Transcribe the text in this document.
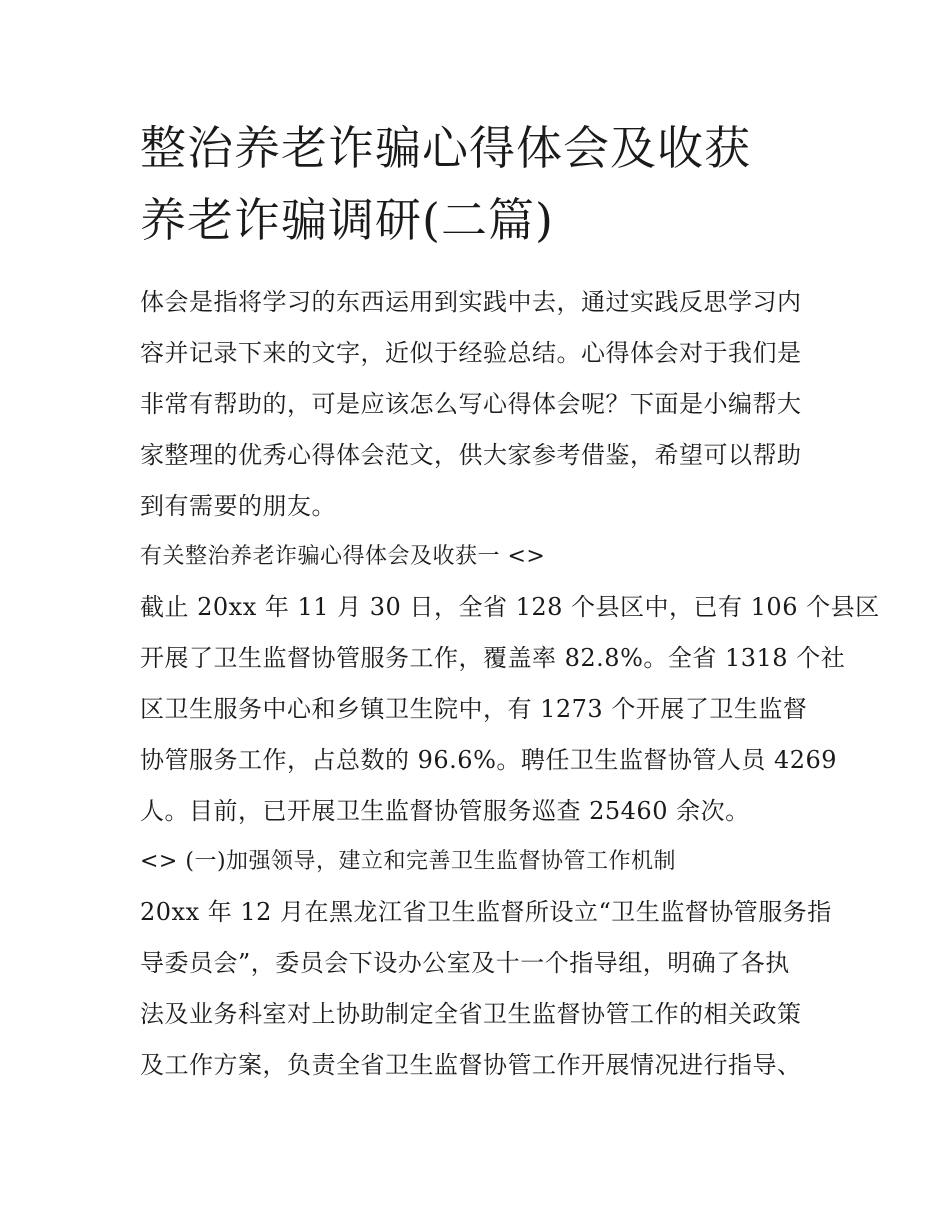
整治养老诈骗心得体会及收获
养老诈骗调研(二篇)
体会是指将学习的东西运用到实践中去，通过实践反思学习内
容并记录下来的文字，近似于经验总结。心得体会对于我们是
非常有帮助的，可是应该怎么写心得体会呢？下面是小编帮大
家整理的优秀心得体会范文，供大家参考借鉴，希望可以帮助
到有需要的朋友。
有关整治养老诈骗心得体会及收获一 <>
截止 20xx 年 11 月 30 日，全省 128 个县区中，已有 106 个县区
开展了卫生监督协管服务工作，覆盖率 82.8%。全省 1318 个社
区卫生服务中心和乡镇卫生院中，有 1273 个开展了卫生监督
协管服务工作，占总数的 96.6%。聘任卫生监督协管人员 4269
人。目前，已开展卫生监督协管服务巡查 25460 余次。
<> (一)加强领导，建立和完善卫生监督协管工作机制
20xx 年 12 月在黑龙江省卫生监督所设立“卫生监督协管服务指
导委员会”，委员会下设办公室及十一个指导组，明确了各执
法及业务科室对上协助制定全省卫生监督协管工作的相关政策
及工作方案，负责全省卫生监督协管工作开展情况进行指导、
